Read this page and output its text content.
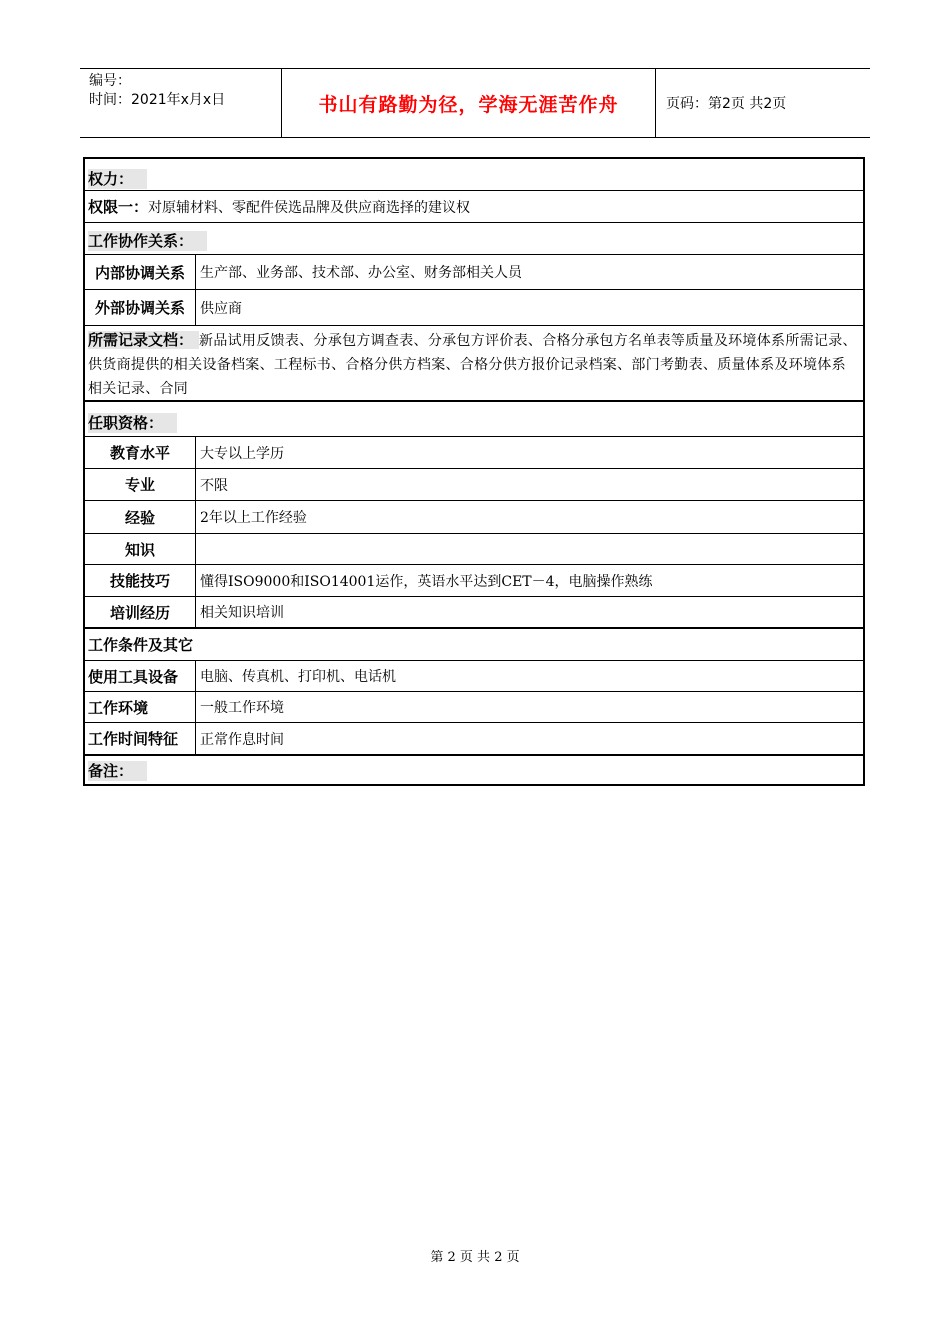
编号：
时间：2021年x月x日	书山有路勤为径，学海无涯苦作舟	页码：第2页 共2页
权力：
权限一：对原辅材料、零配件侯选品牌及供应商选择的建议权
工作协作关系：
内部协调关系	生产部、业务部、技术部、办公室、财务部相关人员
外部协调关系	供应商
所需记录文档： 新品试用反馈表、分承包方调查表、分承包方评价表、合格分承包方名单表等质量及环境体系所需记录、供货商提供的相关设备档案、工程标书、合格分供方档案、合格分供方报价记录档案、部门考勤表、质量体系及环境体系相关记录、合同
任职资格：
教育水平	大专以上学历
专业	不限
经验	2年以上工作经验
知识
技能技巧	懂得ISO9000和ISO14001运作，英语水平达到CET－4，电脑操作熟练
培训经历	相关知识培训
工作条件及其它
使用工具设备	电脑、传真机、打印机、电话机
工作环境	一般工作环境
工作时间特征	正常作息时间
备注：
第 2 页 共 2 页
